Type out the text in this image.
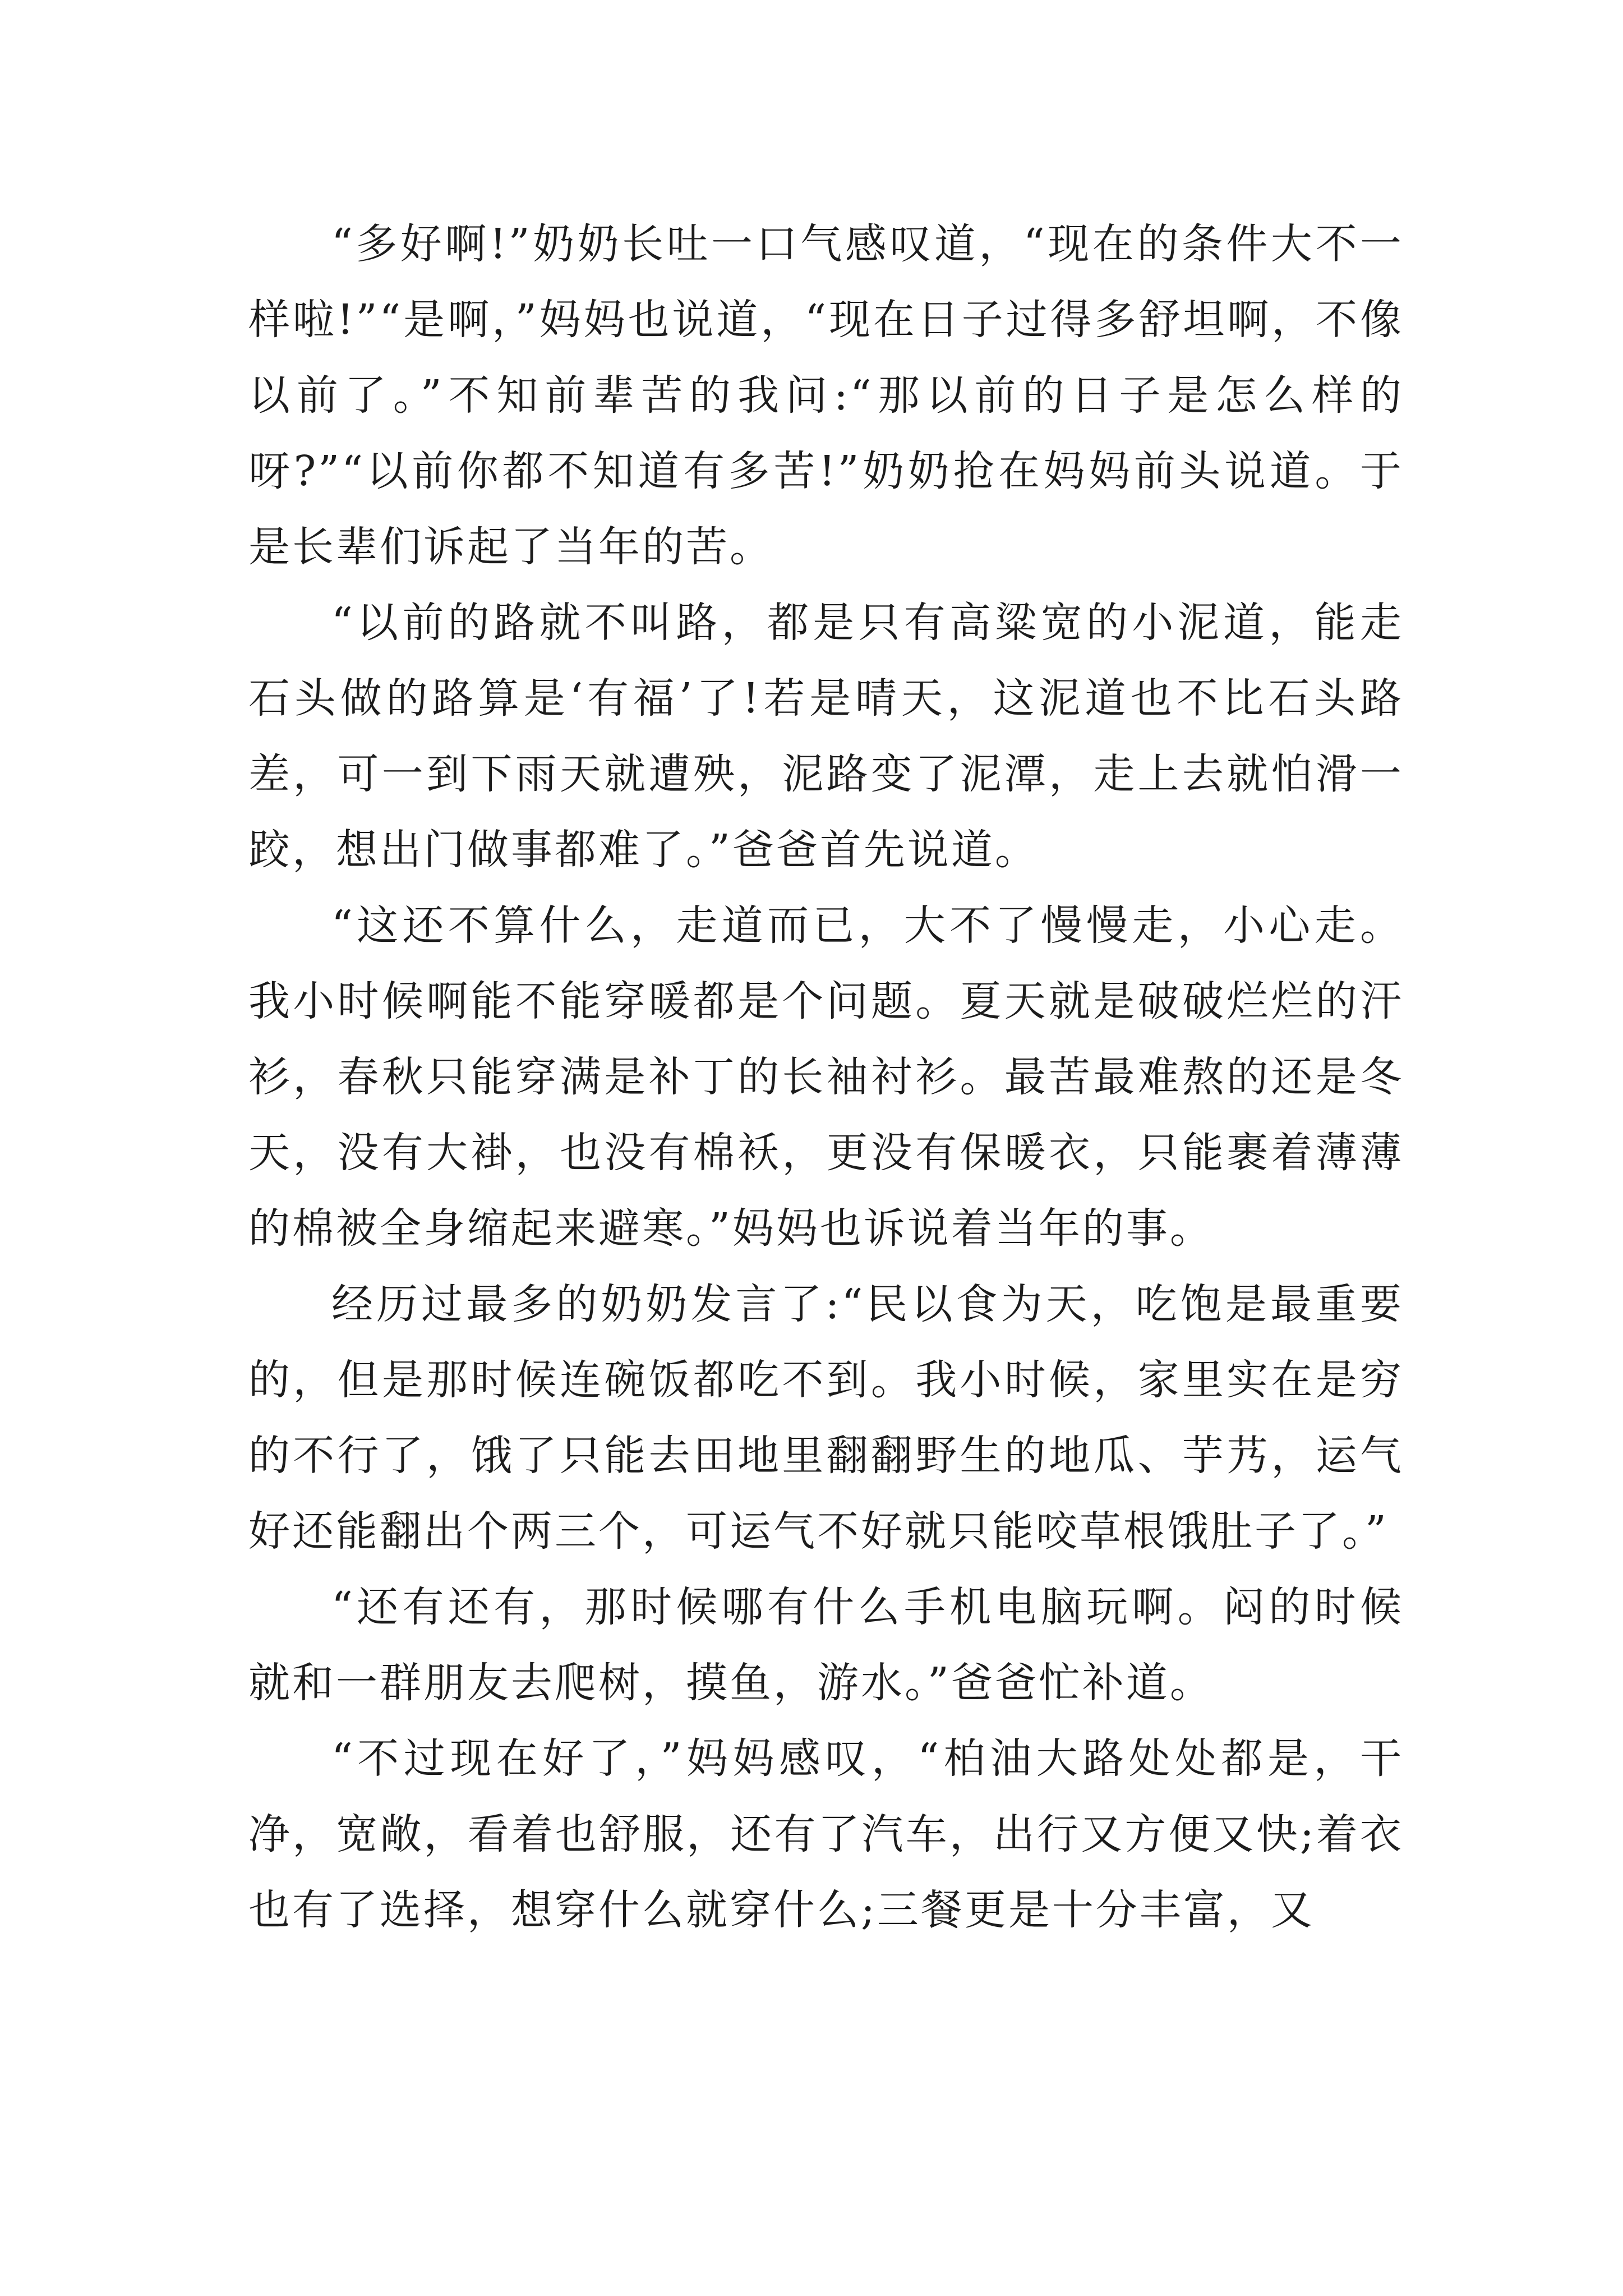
“多好啊!”奶奶长吐一口气感叹道，“现在的条件大不一样啦!”“是啊，”妈妈也说道，“现在日子过得多舒坦啊，不像以前了。”不知前辈苦的我问:“那以前的日子是怎么样的呀?”“以前你都不知道有多苦!”奶奶抢在妈妈前头说道。于是长辈们诉起了当年的苦。

“以前的路就不叫路，都是只有高粱宽的小泥道，能走石头做的路算是‘有福’了!若是晴天，这泥道也不比石头路差，可一到下雨天就遭殃，泥路变了泥潭，走上去就怕滑一跤，想出门做事都难了。”爸爸首先说道。

“这还不算什么，走道而已，大不了慢慢走，小心走。我小时候啊能不能穿暖都是个问题。夏天就是破破烂烂的汗衫，春秋只能穿满是补丁的长袖衬衫。最苦最难熬的还是冬天，没有大褂，也没有棉袄，更没有保暖衣，只能裹着薄薄的棉被全身缩起来避寒。”妈妈也诉说着当年的事。

经历过最多的奶奶发言了:“民以食为天，吃饱是最重要的，但是那时候连碗饭都吃不到。我小时候，家里实在是穷的不行了，饿了只能去田地里翻翻野生的地瓜、芋艿，运气好还能翻出个两三个，可运气不好就只能咬草根饿肚子了。”

“还有还有，那时候哪有什么手机电脑玩啊。闷的时候就和一群朋友去爬树，摸鱼，游水。”爸爸忙补道。

“不过现在好了，”妈妈感叹，“柏油大路处处都是，干净，宽敞，看着也舒服，还有了汽车，出行又方便又快;着衣也有了选择，想穿什么就穿什么;三餐更是十分丰富，又
